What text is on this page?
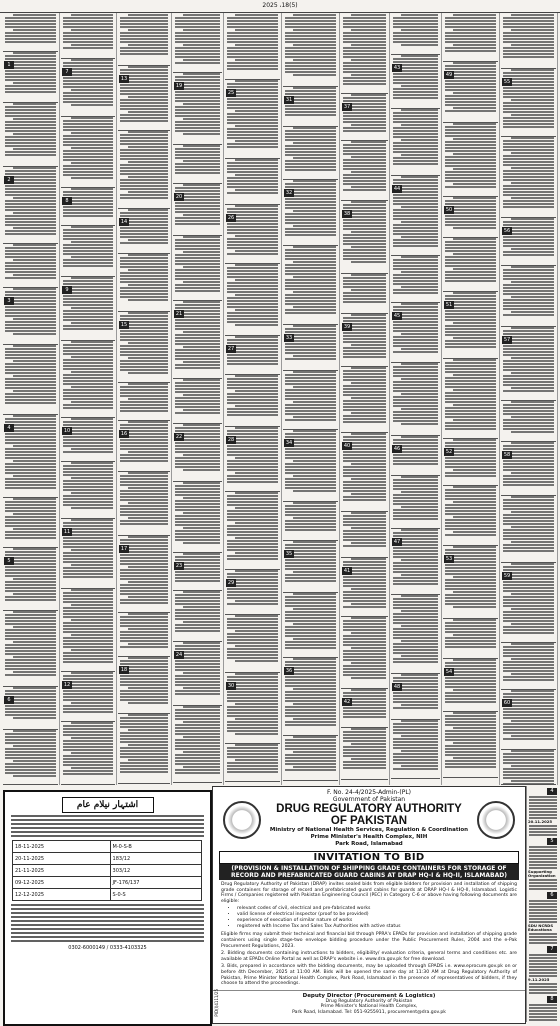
2025 ،18(5)
1
2
3
4
5
6
7
8
9
10
11
12
13
14
15
16
17
18
19
20
21
22
23
24
25
26
27
28
29
30
31
32
33
34
35
36
37
38
39
40
41
42
43
44
45
46
47
48
49
50
51
52
53
54
55
56
57
58
59
60
اشتہار نیلام عام
18-11-2025	M-0-S-B
20-11-2025	183/12
21-11-2025	303/12
09-12-2025	JF-176/137
12-12-2025	S-0-S
0302-6000149 / 0333-4103325
F. No. 24-4/2025-Admin-(PL)
Government of Pakistan
DRUG REGULATORY AUTHORITY
OF PAKISTAN
Ministry of National Health Services, Regulation & Coordination
Prime Minister's Health Complex, NIH
Park Road, Islamabad
INVITATION TO BID
(PROVISION & INSTALLATION OF SHIPPING GRADE CONTAINERS FOR STORAGE OF RECORD AND PREFABRICATED GUARD CABINS AT DRAP HQ-I & HQ-II, ISLAMABAD)

Drug Regulatory Authority of Pakistan (DRAP) invites sealed bids from eligible bidders for provision and installation of shipping grade containers for storage of record and prefabricated guard cabins for guards at DRAP HQ-I & HQ-II, Islamabad. Logistic Firms / Companies registered with Pakistan Engineering Council (PEC) in Category C-6 or above having following documents are eligible:

• relevant codes of civil, electrical and pre-fabricated works
• valid license of electrical inspector (proof to be provided)
• experience of execution of similar nature of works
• registered with Income Tax and Sales Tax Authorities with active status

Eligible firms may submit their technical and financial bid through PPRA's EPADs for provision and installation of shipping grade containers using single stage-two envelope bidding procedure under the Public Procurement Rules, 2004 and the e-Pak Procurement Regulations, 2023.

2. Bidding documents containing instructions to bidders, eligibility/ evaluation criteria, general terms and conditions etc. are available at EPADs Online Portal as well as DRAP's website i.e. www.dra.gov.pk for free download.

3. Bids, prepared in accordance with the bidding documents, may be uploaded through EPADS i.e. www.eprocure.gov.pk on or before 4th December, 2025 at 11:00 AM. Bids will be opened the same day at 11:30 AM at Drug Regulatory Authority of Pakistan, Prime Minister National Health Complex, Park Road, Islamabad in the presence of representatives of bidders, if they choose to attend the proceedings.

Deputy Director (Procurement & Logistics)
Drug Regulatory Authority of Pakistan
Prime Minister's National Health Complex,
Park Road, Islamabad. Tel: 051-9255911, procurement@dra.gov.pk
PID(I)4111/25
4
20.11.2025
5
Supporting Organization
6
SDU NCRDS Educationa
7
9.11.2025
8
